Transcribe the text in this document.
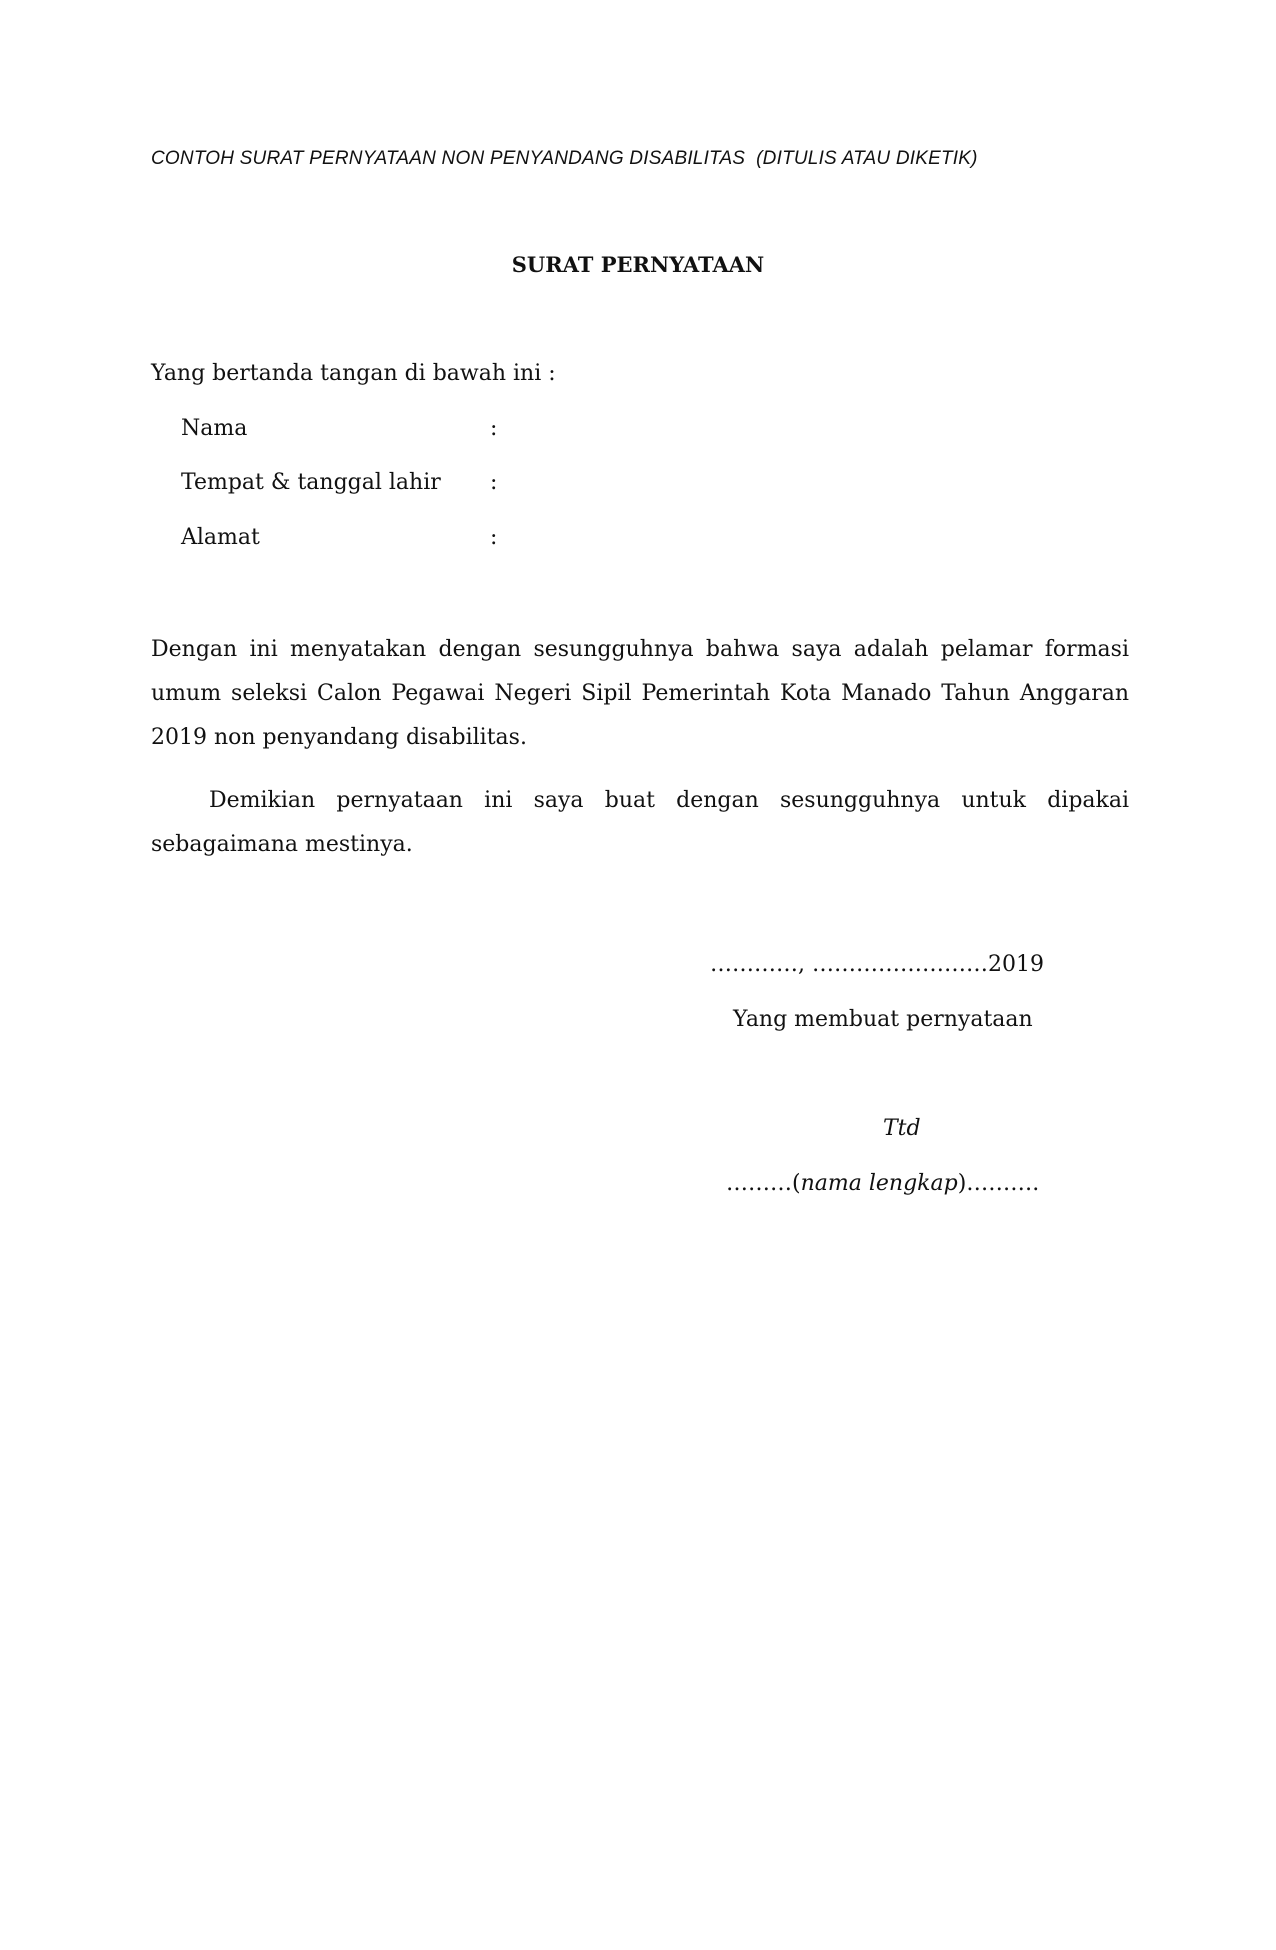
CONTOH SURAT PERNYATAAN NON PENYANDANG DISABILITAS  (DITULIS ATAU DIKETIK)
SURAT PERNYATAAN
Yang bertanda tangan di bawah ini :
Nama	:
Tempat & tanggal lahir :
Alamat	:
Dengan ini menyatakan dengan sesungguhnya bahwa saya adalah pelamar formasi umum seleksi Calon Pegawai Negeri Sipil Pemerintah Kota Manado Tahun Anggaran 2019 non penyandang disabilitas.
Demikian pernyataan ini saya buat dengan sesungguhnya untuk dipakai sebagaimana mestinya.
…………, ……………………2019
Yang membuat pernyataan
Ttd
………(nama lengkap)……….
